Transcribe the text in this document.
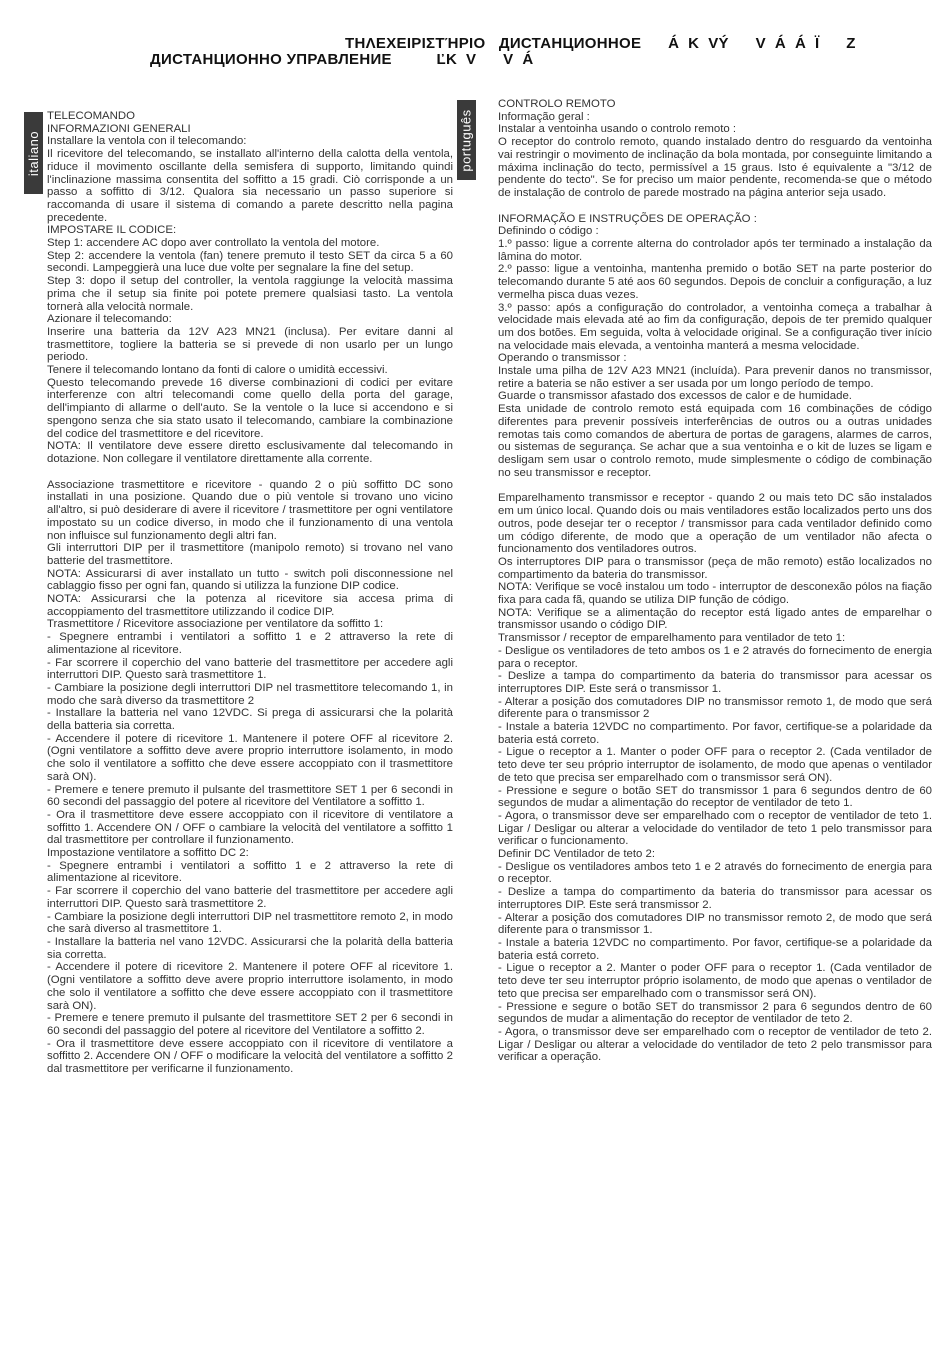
ΤΗΛΕΧΕΙΡΙΣΤΉΡΙΟ   ДИСТАНЦИОННОЕ      Á  K  VÝ      V  Á  Á  Ï      Z
ДИСТАНЦИОННО УПРАВЛЕНИЕ          ĽK  V      V  Á
italiano	português

TELECOMANDO

INFORMAZIONI GENERALI

Installare la ventola con il telecomando:

Il ricevitore del telecomando, se installato all'interno della calotta della ventola, riduce il movimento oscillante della semisfera di supporto, limitando quindi l'inclinazione massima consentita del soffitto a 15 gradi. Ciò corrisponde a un passo a soffitto di 3/12. Qualora sia necessario un passo superiore si raccomanda di usare il sistema di comando a parete descritto nella pagina precedente.

IMPOSTARE IL CODICE:

Step 1: accendere AC dopo aver controllato la ventola del motore.

Step 2: accendere la ventola (fan) tenere premuto il testo SET da circa 5 a 60 secondi. Lampeggierà una luce due volte per segnalare la fine del setup.

Step 3: dopo il setup del controller, la ventola raggiunge la velocità massima prima che il setup sia finite poi potete premere qualsiasi tasto. La ventola tornerà alla velocità normale.

Azionare il telecomando:

Inserire una batteria da 12V A23 MN21 (inclusa). Per evitare danni al trasmettitore, togliere la batteria se si prevede di non usarlo per un lungo periodo.

Tenere il telecomando lontano da fonti di calore o umidità eccessivi.

Questo telecomando prevede 16 diverse combinazioni di codici per evitare interferenze con altri telecomandi come quello della porta del garage, dell'impianto di allarme o dell'auto. Se la ventole o la luce si accendono e si spengono senza che sia stato usato il telecomando, cambiare la combinazione del codice del trasmettitore e del ricevitore.

NOTA: Il ventilatore deve essere diretto esclusivamente dal telecomando in dotazione. Non collegare il ventilatore direttamente alla corrente.

Associazione trasmettitore e ricevitore - quando 2 o più soffitto DC sono installati in una posizione. Quando due o più ventole si trovano uno vicino all'altro, si può desiderare di avere il ricevitore / trasmettitore per ogni ventilatore impostato su un codice diverso, in modo che il funzionamento di una ventola non influisce sul funzionamento degli altri fan.

Gli interruttori DIP per il trasmettitore (manipolo remoto) si trovano nel vano batterie del trasmettitore.

NOTA: Assicurarsi di aver installato un tutto - switch poli disconnessione nel cablaggio fisso per ogni fan, quando si utilizza la funzione DIP codice.

NOTA: Assicurarsi che la potenza al ricevitore sia accesa prima di accoppiamento del trasmettitore utilizzando il codice DIP.

Trasmettitore / Ricevitore associazione per ventilatore da soffitto 1:

- Spegnere entrambi i ventilatori a soffitto 1 e 2 attraverso la rete di alimentazione al ricevitore.

- Far scorrere il coperchio del vano batterie del trasmettitore per accedere agli interruttori DIP. Questo sarà trasmettitore 1.

- Cambiare la posizione degli interruttori DIP nel trasmettitore telecomando 1, in modo che sarà diverso da trasmettitore 2

- Installare la batteria nel vano 12VDC. Si prega di assicurarsi che la polarità della batteria sia corretta.

- Accendere il potere di ricevitore 1. Mantenere il potere OFF al ricevitore 2. (Ogni ventilatore a soffitto deve avere proprio interruttore isolamento, in modo che solo il ventilatore a soffitto che deve essere accoppiato con il trasmettitore sarà ON).

- Premere e tenere premuto il pulsante del trasmettitore SET 1 per 6 secondi in 60 secondi del passaggio del potere al ricevitore del Ventilatore a soffitto 1.

- Ora il trasmettitore deve essere accoppiato con il ricevitore di ventilatore a soffitto 1. Accendere ON / OFF o cambiare la velocità del ventilatore a soffitto 1 dal trasmettitore per controllare il funzionamento.

Impostazione ventilatore a soffitto DC 2:

- Spegnere entrambi i ventilatori a soffitto 1 e 2 attraverso la rete di alimentazione al ricevitore.

- Far scorrere il coperchio del vano batterie del trasmettitore per accedere agli interruttori DIP. Questo sarà trasmettitore 2.

- Cambiare la posizione degli interruttori DIP nel trasmettitore remoto 2, in modo che sarà diverso al trasmettitore 1.

- Installare la batteria nel vano 12VDC. Assicurarsi che la polarità della batteria sia corretta.

- Accendere il potere di ricevitore 2. Mantenere il potere OFF al ricevitore 1. (Ogni ventilatore a soffitto deve avere proprio interruttore isolamento, in modo che solo il ventilatore a soffitto che deve essere accoppiato con il trasmettitore sarà ON).

- Premere e tenere premuto il pulsante del trasmettitore SET 2 per 6 secondi in 60 secondi del passaggio del potere al ricevitore del Ventilatore a soffitto 2.

- Ora il trasmettitore deve essere accoppiato con il ricevitore di ventilatore a soffitto 2. Accendere ON / OFF o modificare la velocità del ventilatore a soffitto 2 dal trasmettitore per verificarne il funzionamento.

CONTROLO REMOTO

Informação geral :

Instalar a ventoinha usando o controlo remoto :

O receptor do controlo remoto, quando instalado dentro do resguardo da ventoinha vai restringir o movimento de inclinação da bola montada, por conseguinte limitando a máxima inclinação do tecto, permissível a 15 graus. Isto é equivalente a "3/12 de pendente do tecto". Se for preciso um maior pendente, recomenda-se que o método de instalação de controlo de parede mostrado na página anterior seja usado.

INFORMAÇÃO E INSTRUÇÕES DE OPERAÇÃO :

Definindo o código :

1.º passo: ligue a corrente alterna do controlador após ter terminado a instalação da lâmina do motor.

2.º passo: ligue a ventoinha, mantenha premido o botão SET na parte posterior do telecomando durante 5 até aos 60 segundos. Depois de concluir a configuração, a luz vermelha pisca duas vezes.

3.º passo: após a configuração do controlador, a ventoinha começa a trabalhar à velocidade mais elevada até ao fim da configuração, depois de ter premido qualquer um dos botões. Em seguida, volta à velocidade original. Se a configuração tiver início na velocidade mais elevada, a ventoinha manterá a mesma velocidade.

Operando o transmissor :

Instale uma pilha de 12V A23 MN21 (incluída). Para prevenir danos no transmissor, retire a bateria se não estiver a ser usada por um longo período de tempo.

Guarde o transmissor afastado dos excessos de calor e de humidade.

Esta unidade de controlo remoto está equipada com 16 combinações de código diferentes para prevenir possíveis interferências de outros ou a outras unidades remotas tais como comandos de abertura de portas de garagens, alarmes de carros, ou sistemas de segurança. Se achar que a sua ventoinha e o kit de luzes se ligam e desligam sem usar o controlo remoto, mude simplesmente o código de combinação no seu transmissor e receptor.

Emparelhamento transmissor e receptor - quando 2 ou mais teto DC são instalados em um único local. Quando dois ou mais ventiladores estão localizados perto uns dos outros, pode desejar ter o receptor / transmissor para cada ventilador definido como um código diferente, de modo que a operação de um ventilador não afecta o funcionamento dos ventiladores outros.

Os interruptores DIP para o transmissor (peça de mão remoto) estão localizados no compartimento da bateria do transmissor.

NOTA: Verifique se você instalou um todo - interruptor de desconexão pólos na fiação fixa para cada fã, quando se utiliza DIP função de código.

NOTA: Verifique se a alimentação do receptor está ligado antes de emparelhar o transmissor usando o código DIP.

Transmissor / receptor de emparelhamento para ventilador de teto 1:

- Desligue os ventiladores de teto ambos os 1 e 2 através do fornecimento de energia para o receptor.

- Deslize a tampa do compartimento da bateria do transmissor para acessar os interruptores DIP. Este será o transmissor 1.

- Alterar a posição dos comutadores DIP no transmissor remoto 1, de modo que será diferente para o transmissor 2

- Instale a bateria 12VDC no compartimento. Por favor, certifique-se a polaridade da bateria está correto.

- Ligue o receptor a 1. Manter o poder OFF para o receptor 2. (Cada ventilador de teto deve ter seu próprio interruptor de isolamento, de modo que apenas o ventilador de teto que precisa ser emparelhado com o transmissor será ON).

- Pressione e segure o botão SET do transmissor 1 para 6 segundos dentro de 60 segundos de mudar a alimentação do receptor de ventilador de teto 1.

- Agora, o transmissor deve ser emparelhado com o receptor de ventilador de teto 1. Ligar / Desligar ou alterar a velocidade do ventilador de teto 1 pelo transmissor para verificar o funcionamento.

Definir DC Ventilador de teto 2:

- Desligue os ventiladores ambos teto 1 e 2 através do fornecimento de energia para o receptor.

- Deslize a tampa do compartimento da bateria do transmissor para acessar os interruptores DIP. Este será transmissor 2.

- Alterar a posição dos comutadores DIP no transmissor remoto 2, de modo que será diferente para o transmissor 1.

- Instale a bateria 12VDC no compartimento. Por favor, certifique-se a polaridade da bateria está correto.

- Ligue o receptor a 2. Manter o poder OFF para o receptor 1. (Cada ventilador de teto deve ter seu interruptor próprio isolamento, de modo que apenas o ventilador de teto que precisa ser emparelhado com o transmissor será ON).

- Pressione e segure o botão SET do transmissor 2 para 6 segundos dentro de 60 segundos de mudar a alimentação do receptor de ventilador de teto 2.

- Agora, o transmissor deve ser emparelhado com o receptor de ventilador de teto 2. Ligar / Desligar ou alterar a velocidade do ventilador de teto 2 pelo transmissor para verificar a operação.
